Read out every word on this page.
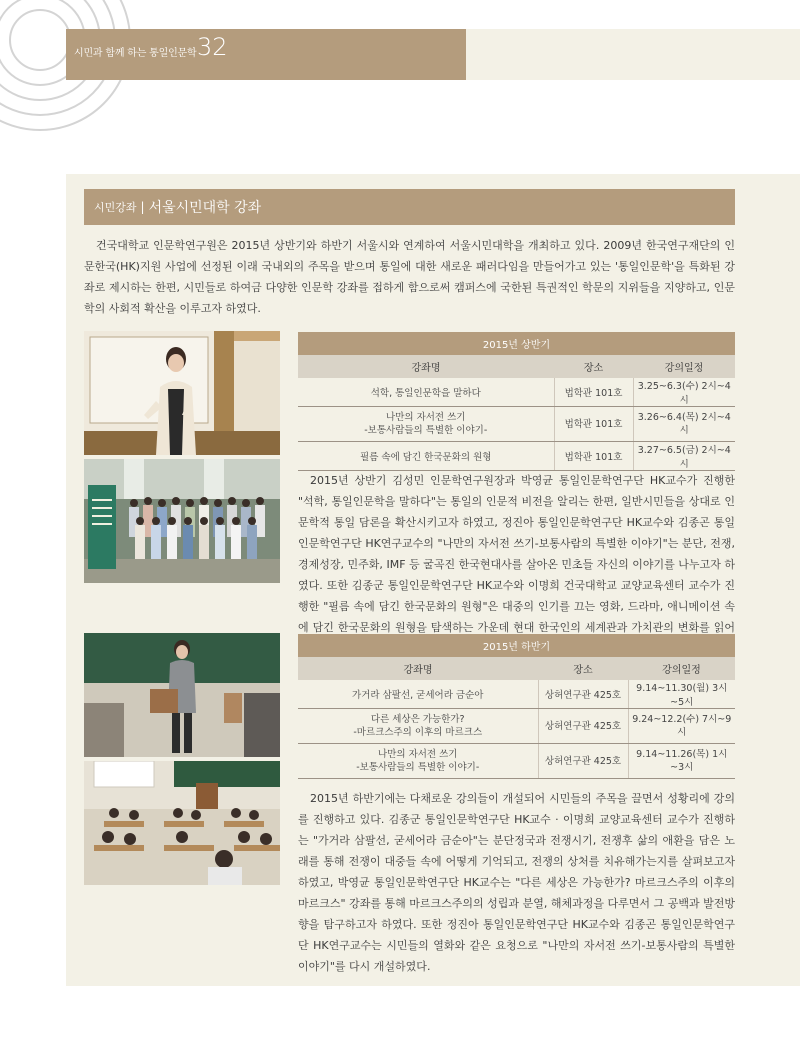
시민과 함께 하는 통일인문학 32
시민강좌 | 서울시민대학 강좌

건국대학교 인문학연구원은 2015년 상반기와 하반기 서울시와 연계하여 서울시민대학을 개최하고 있다. 2009년 한국연구재단의 인문한국(HK)지원 사업에 선정된 이래 국내외의 주목을 받으며 통일에 대한 새로운 패러다임을 만들어가고 있는 '통일인문학'을 특화된 강좌로 제시하는 한편, 시민들로 하여금 다양한 인문학 강좌를 접하게 함으로써 캠퍼스에 국한된 특권적인 학문의 지위들을 지양하고, 인문학의 사회적 확산을 이루고자 하였다.

2015년 상반기		
강좌명	장소	강의일정
석학, 통일인문학을 말하다	법학관 101호	3.25~6.3(수) 2시~4시

나만의 자서전 쓰기
-보통사람들의 특별한 이야기-	법학관 101호	3.26~6.4(목) 2시~4시
필름 속에 담긴 한국문화의 원형	법학관 101호	3.27~6.5(금) 2시~4시

2015년 상반기 김성민 인문학연구원장과 박영균 통일인문학연구단 HK교수가 진행한 "석학, 통일인문학을 말하다"는 통일의 인문적 비전을 알리는 한편, 일반시민들을 상대로 인문학적 통일 담론을 확산시키고자 하였고, 정진아 통일인문학연구단 HK교수와 김종곤 통일인문학연구단 HK연구교수의 "나만의 자서전 쓰기-보통사람의 특별한 이야기"는 분단, 전쟁, 경제성장, 민주화, IMF 등 굴곡진 한국현대사를 살아온 민초들 자신의 이야기를 나누고자 하였다. 또한 김종군 통일인문학연구단 HK교수와 이명희 건국대학교 교양교육센터 교수가 진행한 "필름 속에 담긴 한국문화의 원형"은 대중의 인기를 끄는 영화, 드라마, 애니메이션 속에 담긴 한국문화의 원형을 탐색하는 가운데 현대 한국인의 세계관과 가치관의 변화를 읽어

2015년 하반기		
강좌명	장소	강의일정
가거라 삼팔선, 굳세어라 금순아	상허연구관 425호	9.14~11.30(월) 3시~5시

다른 세상은 가능한가?
-마르크스주의 이후의 마르크스	상허연구관 425호	9.24~12.2(수) 7시~9시

나만의 자서전 쓰기
-보통사람들의 특별한 이야기-	상허연구관 425호	9.14~11.26(목) 1시~3시

2015년 하반기에는 다채로운 강의들이 개설되어 시민들의 주목을 끌면서 성황리에 강의를 진행하고 있다. 김종군 통일인문학연구단 HK교수 · 이명희 교양교육센터 교수가 진행하는 "가거라 삼팔선, 굳세어라 금순아"는 분단정국과 전쟁시기, 전쟁후 삶의 애환을 담은 노래를 통해 전쟁이 대중들 속에 어떻게 기억되고, 전쟁의 상처를 치유해가는지를 살펴보고자 하였고, 박영균 통일인문학연구단 HK교수는 "다른 세상은 가능한가? 마르크스주의 이후의 마르크스" 강좌를 통해 마르크스주의의 성립과 분열, 해체과정을 다루면서 그 공백과 발전방향을 탐구하고자 하였다. 또한 정진아 통일인문학연구단 HK교수와 김종곤 통일인문학연구단 HK연구교수는 시민들의 열화와 같은 요청으로 "나만의 자서전 쓰기-보통사람의 특별한 이야기"를 다시 개설하였다.
